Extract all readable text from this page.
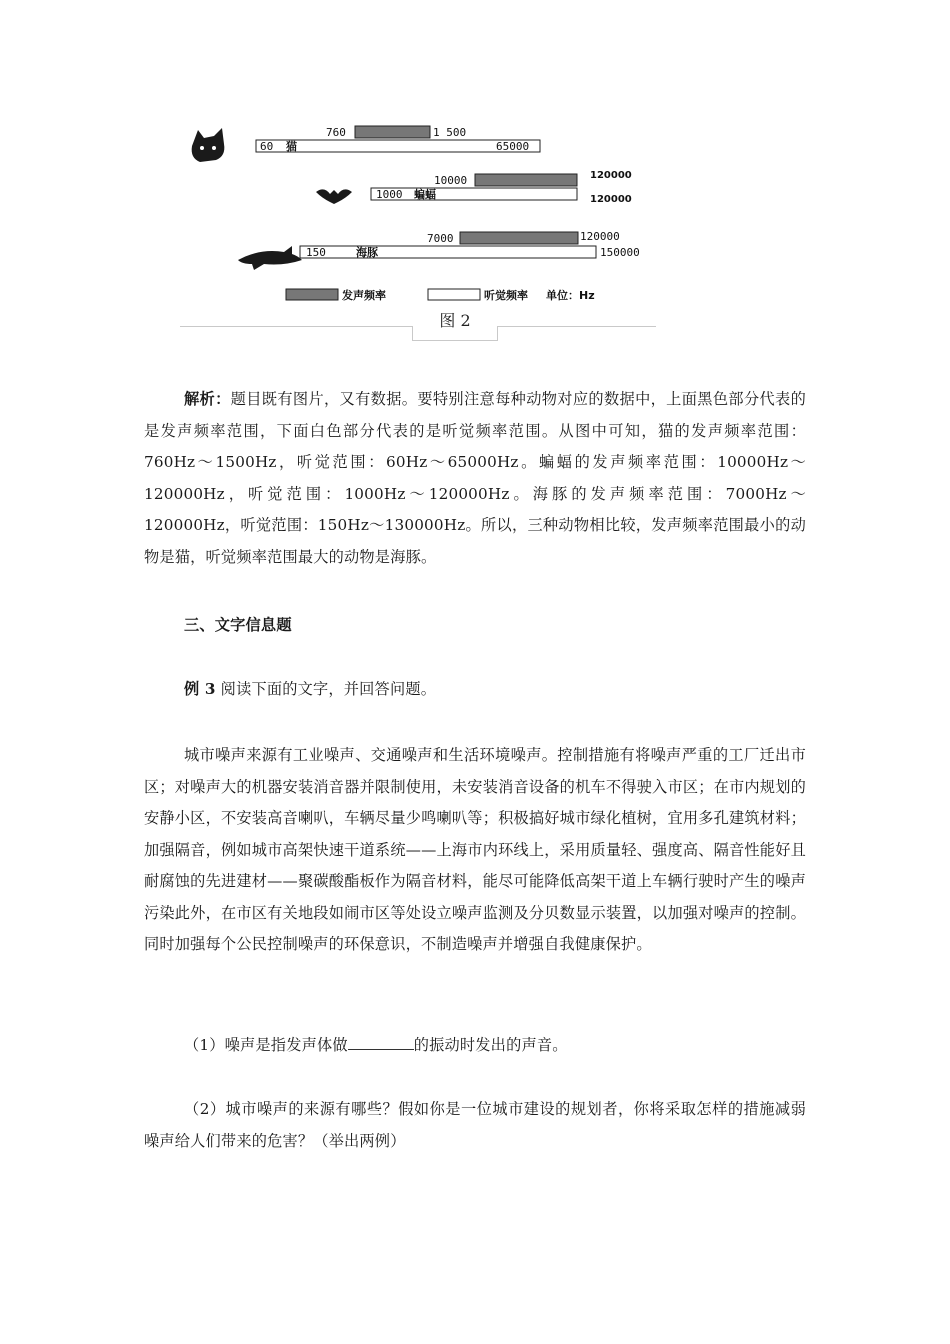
760	1 500
60 猫	65000
10000	120000
1000 蝙蝠	120000
7000	120000
150	海豚	150000
发声频率	听觉频率 单位：Hz
图 2

解析：题目既有图片，又有数据。要特别注意每种动物对应的数据中，上面黑色部分代表的是发声频率范围，下面白色部分代表的是听觉频率范围。从图中可知，猫的发声频率范围：760Hz～1500Hz，听觉范围：60Hz～65000Hz。蝙蝠的发声频率范围：10000Hz～120000Hz，听觉范围：1000Hz～120000Hz。海豚的发声频率范围：7000Hz～120000Hz，听觉范围：150Hz～130000Hz。所以，三种动物相比较，发声频率范围最小的动物是猫，听觉频率范围最大的动物是海豚。

三、文字信息题

例 3 阅读下面的文字，并回答问题。

城市噪声来源有工业噪声、交通噪声和生活环境噪声。控制措施有将噪声严重的工厂迁出市区；对噪声大的机器安装消音器并限制使用，未安装消音设备的机车不得驶入市区；在市内规划的安静小区，不安装高音喇叭，车辆尽量少鸣喇叭等；积极搞好城市绿化植树，宜用多孔建筑材料；加强隔音，例如城市高架快速干道系统——上海市内环线上，采用质量轻、强度高、隔音性能好且耐腐蚀的先进建材——聚碳酸酯板作为隔音材料，能尽可能降低高架干道上车辆行驶时产生的噪声污染此外，在市区有关地段如闹市区等处设立噪声监测及分贝数显示装置，以加强对噪声的控制。同时加强每个公民控制噪声的环保意识，不制造噪声并增强自我健康保护。

（1）噪声是指发声体做	的振动时发出的声音。

（2）城市噪声的来源有哪些？假如你是一位城市建设的规划者，你将采取怎样的措施减弱噪声给人们带来的危害？（举出两例）
